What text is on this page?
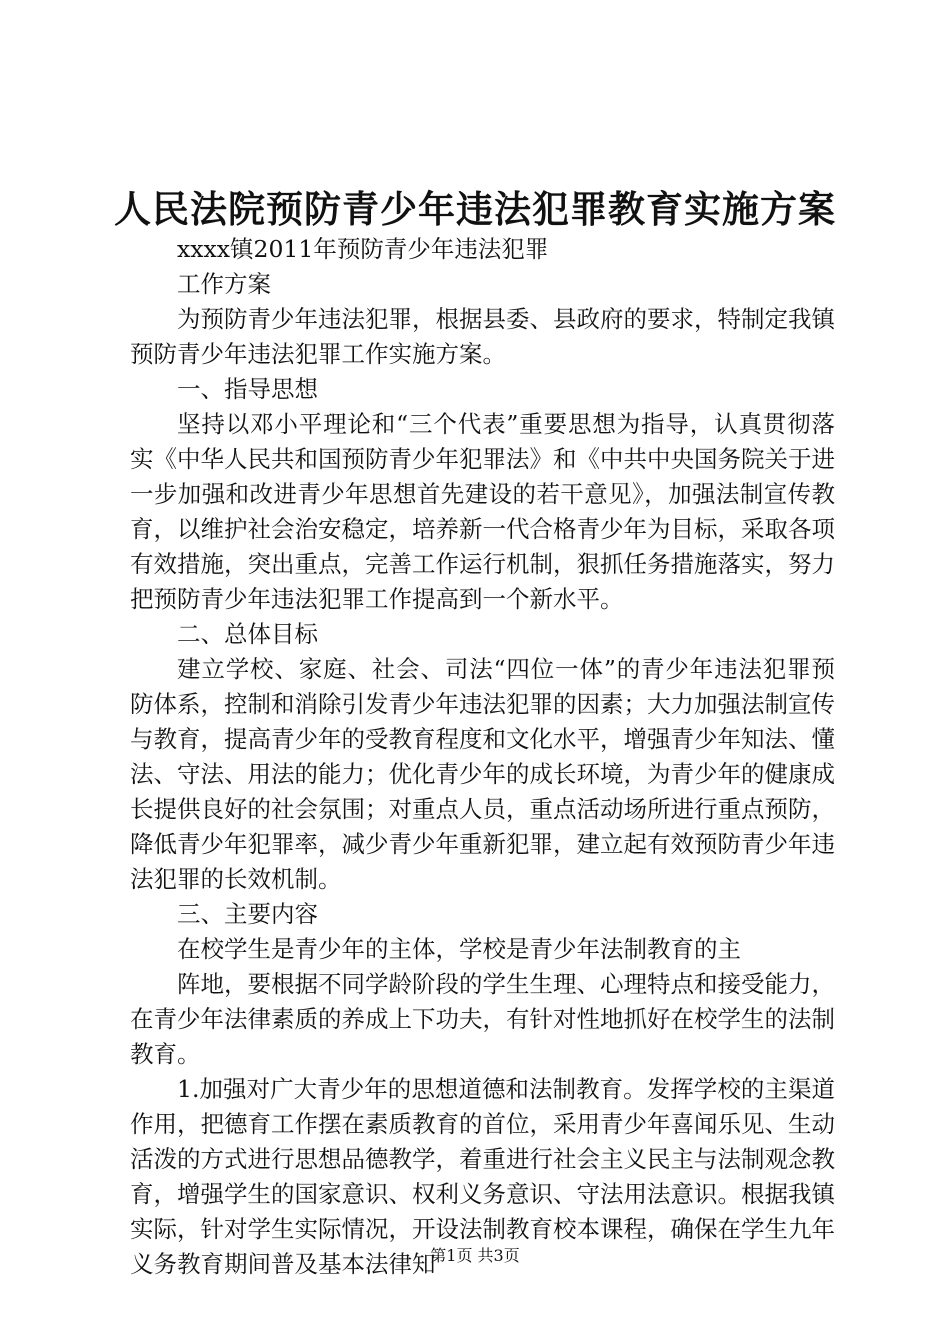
人民法院预防青少年违法犯罪教育实施方案

xxxx镇2011年预防青少年违法犯罪

工作方案

为预防青少年违法犯罪，根据县委、县政府的要求，特制定我镇预防青少年违法犯罪工作实施方案。

一、指导思想

坚持以邓小平理论和“三个代表”重要思想为指导，认真贯彻落实《中华人民共和国预防青少年犯罪法》和《中共中央国务院关于进一步加强和改进青少年思想首先建设的若干意见》，加强法制宣传教育，以维护社会治安稳定，培养新一代合格青少年为目标，采取各项有效措施，突出重点，完善工作运行机制，狠抓任务措施落实，努力把预防青少年违法犯罪工作提高到一个新水平。

二、总体目标

建立学校、家庭、社会、司法“四位一体”的青少年违法犯罪预防体系，控制和消除引发青少年违法犯罪的因素；大力加强法制宣传与教育，提高青少年的受教育程度和文化水平，增强青少年知法、懂法、守法、用法的能力；优化青少年的成长环境，为青少年的健康成长提供良好的社会氛围；对重点人员，重点活动场所进行重点预防，降低青少年犯罪率，减少青少年重新犯罪，建立起有效预防青少年违法犯罪的长效机制。

三、主要内容

在校学生是青少年的主体，学校是青少年法制教育的主

阵地，要根据不同学龄阶段的学生生理、心理特点和接受能力，在青少年法律素质的养成上下功夫，有针对性地抓好在校学生的法制教育。

1.加强对广大青少年的思想道德和法制教育。发挥学校的主渠道作用，把德育工作摆在素质教育的首位，采用青少年喜闻乐见、生动活泼的方式进行思想品德教学，着重进行社会主义民主与法制观念教育，增强学生的国家意识、权利义务意识、守法用法意识。根据我镇实际，针对学生实际情况，开设法制教育校本课程，确保在学生九年义务教育期间普及基本法律知

第1页 共3页
